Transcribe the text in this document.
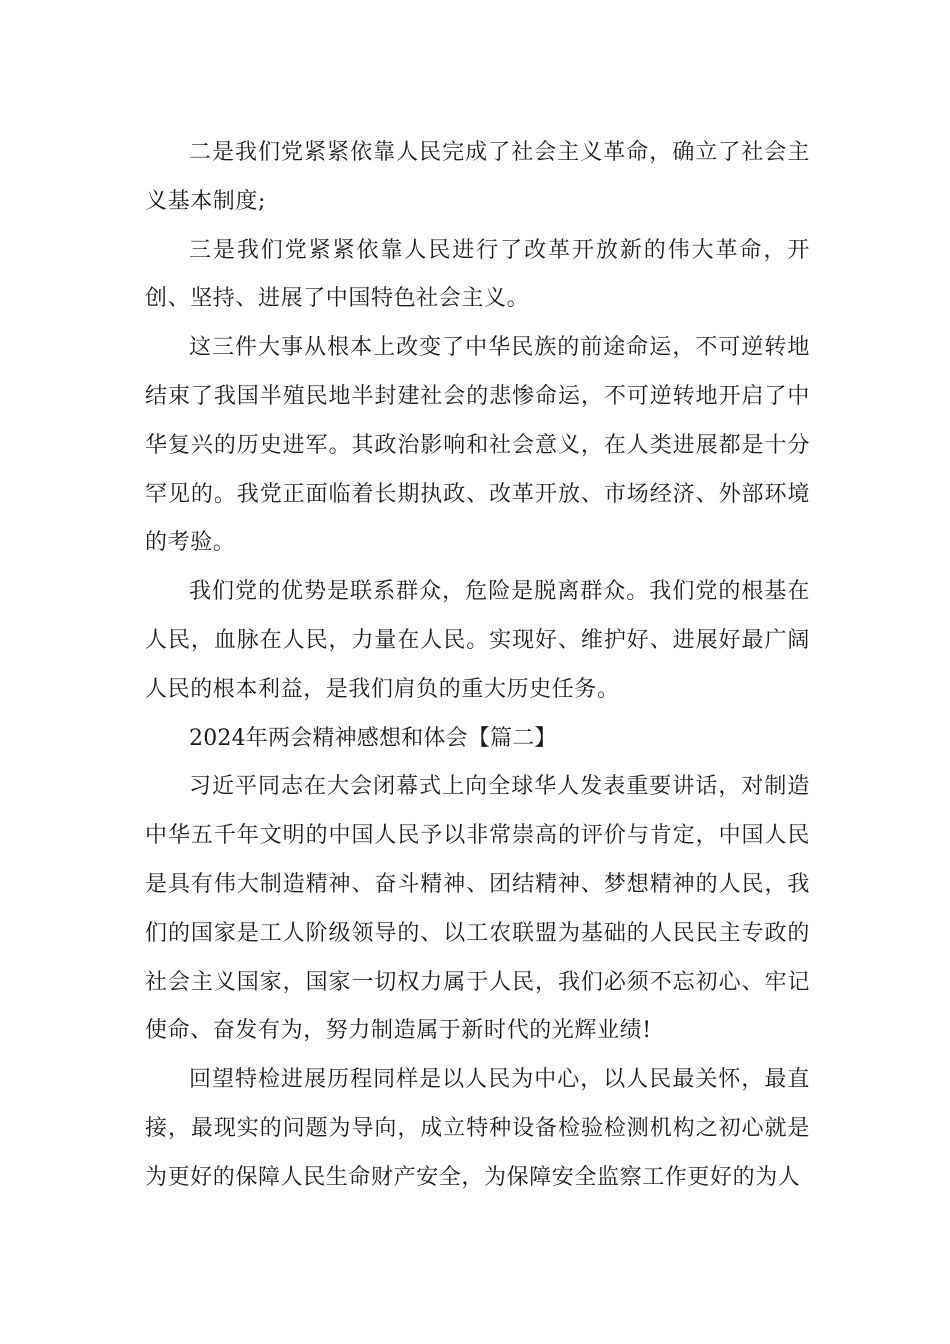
二是我们党紧紧依靠人民完成了社会主义革命，确立了社会主义基本制度;

三是我们党紧紧依靠人民进行了改革开放新的伟大革命，开创、坚持、进展了中国特色社会主义。

这三件大事从根本上改变了中华民族的前途命运，不可逆转地结束了我国半殖民地半封建社会的悲惨命运，不可逆转地开启了中华复兴的历史进军。其政治影响和社会意义，在人类进展都是十分罕见的。我党正面临着长期执政、改革开放、市场经济、外部环境的考验。

我们党的优势是联系群众，危险是脱离群众。我们党的根基在人民，血脉在人民，力量在人民。实现好、维护好、进展好最广阔人民的根本利益，是我们肩负的重大历史任务。

2024年两会精神感想和体会【篇二】

习近平同志在大会闭幕式上向全球华人发表重要讲话，对制造中华五千年文明的中国人民予以非常崇高的评价与肯定，中国人民是具有伟大制造精神、奋斗精神、团结精神、梦想精神的人民，我们的国家是工人阶级领导的、以工农联盟为基础的人民民主专政的社会主义国家，国家一切权力属于人民，我们必须不忘初心、牢记使命、奋发有为，努力制造属于新时代的光辉业绩!

回望特检进展历程同样是以人民为中心，以人民最关怀，最直接，最现实的问题为导向，成立特种设备检验检测机构之初心就是为更好的保障人民生命财产安全，为保障安全监察工作更好的为人
